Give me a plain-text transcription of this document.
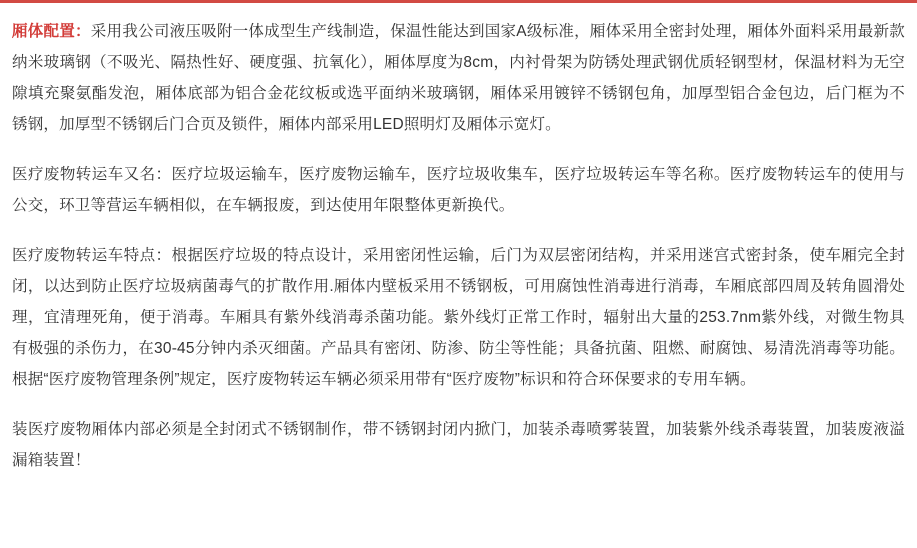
厢体配置：采用我公司液压吸附一体成型生产线制造，保温性能达到国家A级标准，厢体采用全密封处理，厢体外面料采用最新款纳米玻璃钢（不吸光、隔热性好、硬度强、抗氧化），厢体厚度为8cm，内衬骨架为防锈处理武钢优质轻钢型材，保温材料为无空隙填充聚氨酯发泡，厢体底部为铝合金花纹板或选平面纳米玻璃钢，厢体采用镀锌不锈钢包角，加厚型铝合金包边，后门框为不锈钢，加厚型不锈钢后门合页及锁件，厢体内部采用LED照明灯及厢体示宽灯。

医疗废物转运车又名：医疗垃圾运输车，医疗废物运输车，医疗垃圾收集车，医疗垃圾转运车等名称。医疗废物转运车的使用与公交，环卫等营运车辆相似，在车辆报废，到达使用年限整体更新换代。

医疗废物转运车特点：根据医疗垃圾的特点设计，采用密闭性运输，后门为双层密闭结构，并采用迷宫式密封条，使车厢完全封闭，以达到防止医疗垃圾病菌毒气的扩散作用.厢体内壁板采用不锈钢板，可用腐蚀性消毒进行消毒，车厢底部四周及转角圆滑处理，宜清理死角，便于消毒。车厢具有紫外线消毒杀菌功能。紫外线灯正常工作时，辐射出大量的253.7nm紫外线，对微生物具有极强的杀伤力，在30-45分钟内杀灭细菌。产品具有密闭、防渗、防尘等性能；具备抗菌、阻燃、耐腐蚀、易清洗消毒等功能。根据“医疗废物管理条例”规定，医疗废物转运车辆必须采用带有“医疗废物”标识和符合环保要求的专用车辆。

装医疗废物厢体内部必须是全封闭式不锈钢制作，带不锈钢封闭内掀门，加装杀毒喷雾装置，加装紫外线杀毒装置，加装废液溢漏箱装置！
